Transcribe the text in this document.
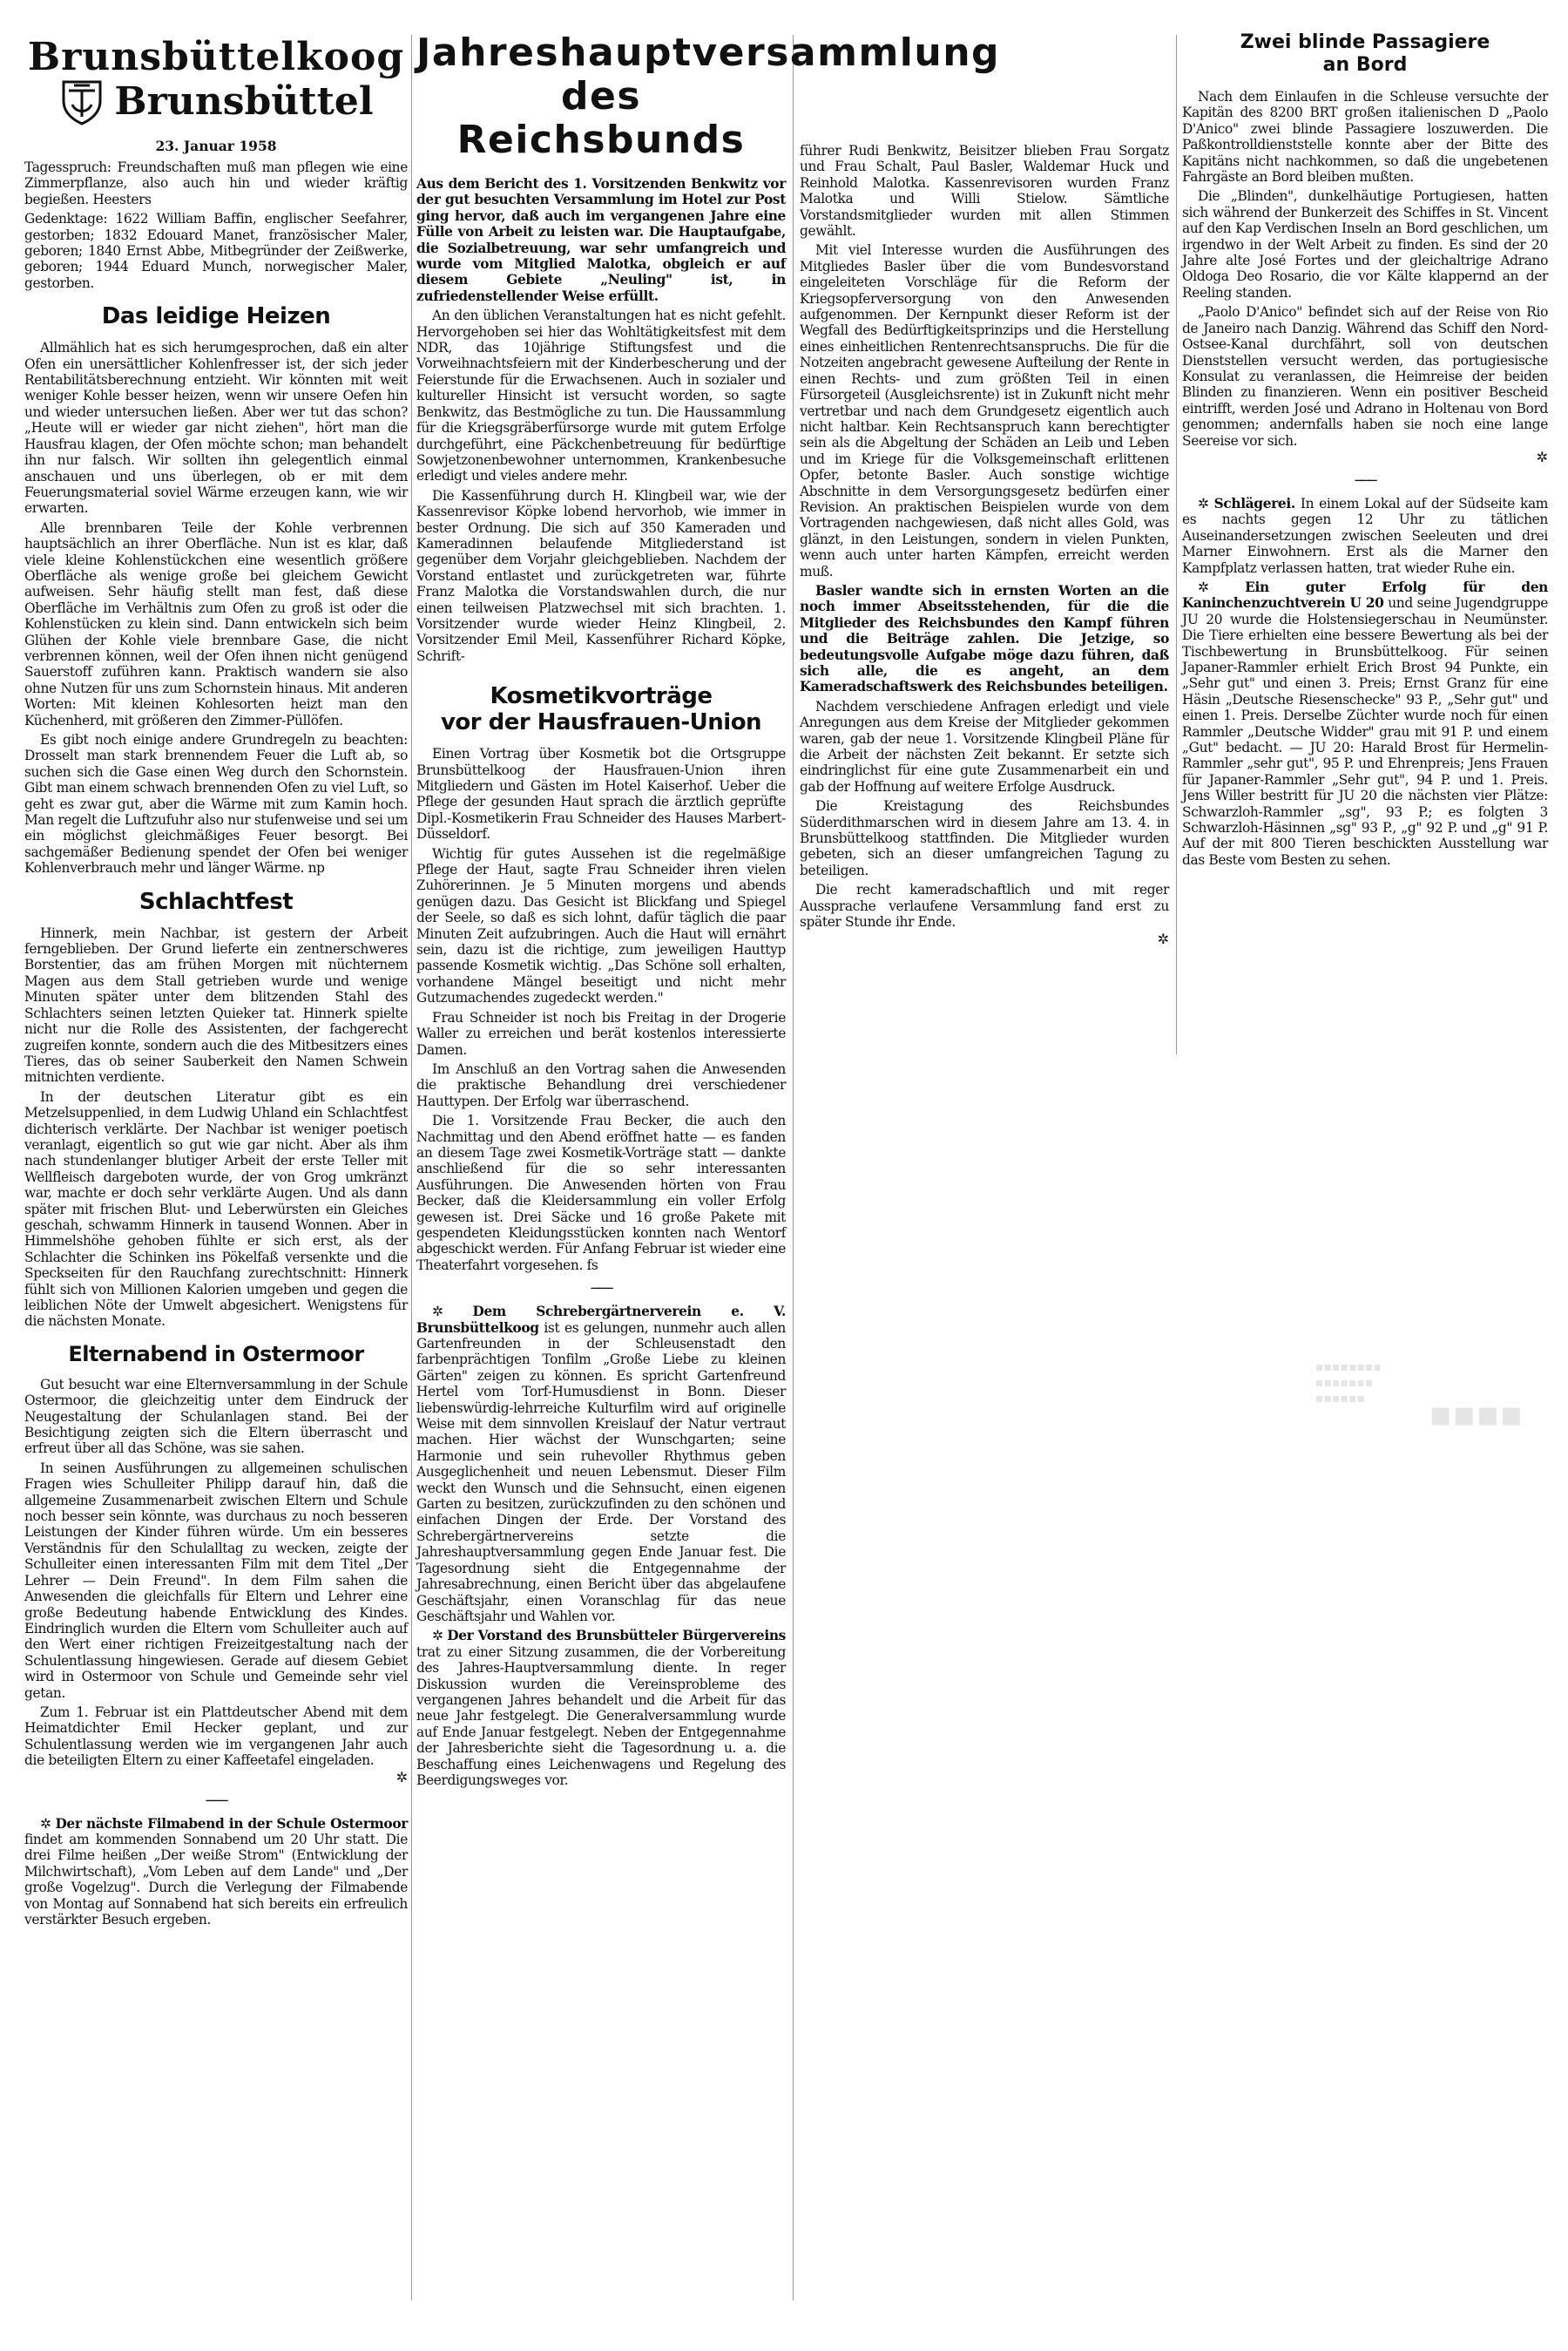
Brunsbüttelkoog
Brunsbüttel
23. Januar 1958

Tagesspruch: Freundschaften muß man pflegen wie eine Zimmerpflanze, also auch hin und wieder kräftig begießen. Heesters

Gedenktage: 1622 William Baffin, englischer Seefahrer, gestorben; 1832 Edouard Manet, französischer Maler, geboren; 1840 Ernst Abbe, Mitbegründer der Zeißwerke, geboren; 1944 Eduard Munch, norwegischer Maler, gestorben.

Das leidige Heizen

Allmählich hat es sich herumgesprochen, daß ein alter Ofen ein unersättlicher Kohlenfresser ist, der sich jeder Rentabilitätsberechnung entzieht. Wir könnten mit weit weniger Kohle besser heizen, wenn wir unsere Oefen hin und wieder untersuchen ließen. Aber wer tut das schon? „Heute will er wieder gar nicht ziehen", hört man die Hausfrau klagen, der Ofen möchte schon; man behandelt ihn nur falsch. Wir sollten ihn gelegentlich einmal anschauen und uns überlegen, ob er mit dem Feuerungsmaterial soviel Wärme erzeugen kann, wie wir erwarten.

Alle brennbaren Teile der Kohle verbrennen hauptsächlich an ihrer Oberfläche. Nun ist es klar, daß viele kleine Kohlenstückchen eine wesentlich größere Oberfläche als wenige große bei gleichem Gewicht aufweisen. Sehr häufig stellt man fest, daß diese Oberfläche im Verhältnis zum Ofen zu groß ist oder die Kohlenstücken zu klein sind. Dann entwickeln sich beim Glühen der Kohle viele brennbare Gase, die nicht verbrennen können, weil der Ofen ihnen nicht genügend Sauerstoff zuführen kann. Praktisch wandern sie also ohne Nutzen für uns zum Schornstein hinaus. Mit anderen Worten: Mit kleinen Kohlesorten heizt man den Küchenherd, mit größeren den Zimmer-Püllöfen.

Es gibt noch einige andere Grundregeln zu beachten: Drosselt man stark brennendem Feuer die Luft ab, so suchen sich die Gase einen Weg durch den Schornstein. Gibt man einem schwach brennenden Ofen zu viel Luft, so geht es zwar gut, aber die Wärme mit zum Kamin hoch. Man regelt die Luftzufuhr also nur stufenweise und sei um ein möglichst gleichmäßiges Feuer besorgt. Bei sachgemäßer Bedienung spendet der Ofen bei weniger Kohlenverbrauch mehr und länger Wärme. np

Schlachtfest

Hinnerk, mein Nachbar, ist gestern der Arbeit ferngeblieben. Der Grund lieferte ein zentnerschweres Borstentier, das am frühen Morgen mit nüchternem Magen aus dem Stall getrieben wurde und wenige Minuten später unter dem blitzenden Stahl des Schlachters seinen letzten Quieker tat. Hinnerk spielte nicht nur die Rolle des Assistenten, der fachgerecht zugreifen konnte, sondern auch die des Mitbesitzers eines Tieres, das ob seiner Sauberkeit den Namen Schwein mitnichten verdiente.

In der deutschen Literatur gibt es ein Metzelsuppenlied, in dem Ludwig Uhland ein Schlachtfest dichterisch verklärte. Der Nachbar ist weniger poetisch veranlagt, eigentlich so gut wie gar nicht. Aber als ihm nach stundenlanger blutiger Arbeit der erste Teller mit Wellfleisch dargeboten wurde, der von Grog umkränzt war, machte er doch sehr verklärte Augen. Und als dann später mit frischen Blut- und Leberwürsten ein Gleiches geschah, schwamm Hinnerk in tausend Wonnen. Aber in Himmelshöhe gehoben fühlte er sich erst, als der Schlachter die Schinken ins Pökelfaß versenkte und die Speckseiten für den Rauchfang zurechtschnitt: Hinnerk fühlt sich von Millionen Kalorien umgeben und gegen die leiblichen Nöte der Umwelt abgesichert. Wenigstens für die nächsten Monate.

Elternabend in Ostermoor

Gut besucht war eine Elternversammlung in der Schule Ostermoor, die gleichzeitig unter dem Eindruck der Neugestaltung der Schulanlagen stand. Bei der Besichtigung zeigten sich die Eltern überrascht und erfreut über all das Schöne, was sie sahen.

In seinen Ausführungen zu allgemeinen schulischen Fragen wies Schulleiter Philipp darauf hin, daß die allgemeine Zusammenarbeit zwischen Eltern und Schule noch besser sein könnte, was durchaus zu noch besseren Leistungen der Kinder führen würde. Um ein besseres Verständnis für den Schulalltag zu wecken, zeigte der Schulleiter einen interessanten Film mit dem Titel „Der Lehrer — Dein Freund". In dem Film sahen die Anwesenden die gleichfalls für Eltern und Lehrer eine große Bedeutung habende Entwicklung des Kindes. Eindringlich wurden die Eltern vom Schulleiter auch auf den Wert einer richtigen Freizeitgestaltung nach der Schulentlassung hingewiesen. Gerade auf diesem Gebiet wird in Ostermoor von Schule und Gemeinde sehr viel getan.

Zum 1. Februar ist ein Plattdeutscher Abend mit dem Heimatdichter Emil Hecker geplant, und zur Schulentlassung werden wie im vergangenen Jahr auch die beteiligten Eltern zu einer Kaffeetafel eingeladen.

✲
───

✲ Der nächste Filmabend in der Schule Ostermoor findet am kommenden Sonnabend um 20 Uhr statt. Die drei Filme heißen „Der weiße Strom" (Entwicklung der Milchwirtschaft), „Vom Leben auf dem Lande" und „Der große Vogelzug". Durch die Verlegung der Filmabende von Montag auf Sonnabend hat sich bereits ein erfreulich verstärkter Besuch ergeben.

Jahreshauptversammlung
des Reichsbunds

Aus dem Bericht des 1. Vorsitzenden Benkwitz vor der gut besuchten Versammlung im Hotel zur Post ging hervor, daß auch im vergangenen Jahre eine Fülle von Arbeit zu leisten war. Die Hauptaufgabe, die Sozialbetreuung, war sehr umfangreich und wurde vom Mitglied Malotka, obgleich er auf diesem Gebiete „Neuling" ist, in zufriedenstellender Weise erfüllt.

An den üblichen Veranstaltungen hat es nicht gefehlt. Hervorgehoben sei hier das Wohltätigkeitsfest mit dem NDR, das 10jährige Stiftungsfest und die Vorweihnachtsfeiern mit der Kinderbescherung und der Feierstunde für die Erwachsenen. Auch in sozialer und kultureller Hinsicht ist versucht worden, so sagte Benkwitz, das Bestmögliche zu tun. Die Haussammlung für die Kriegsgräberfürsorge wurde mit gutem Erfolge durchgeführt, eine Päckchenbetreuung für bedürftige Sowjetzonenbewohner unternommen, Krankenbesuche erledigt und vieles andere mehr.

Die Kassenführung durch H. Klingbeil war, wie der Kassenrevisor Köpke lobend hervorhob, wie immer in bester Ordnung. Die sich auf 350 Kameraden und Kameradinnen belaufende Mitgliederstand ist gegenüber dem Vorjahr gleichgeblieben. Nachdem der Vorstand entlastet und zurückgetreten war, führte Franz Malotka die Vorstandswahlen durch, die nur einen teilweisen Platzwechsel mit sich brachten. 1. Vorsitzender wurde wieder Heinz Klingbeil, 2. Vorsitzender Emil Meil, Kassenführer Richard Köpke, Schrift-

Kosmetikvorträge
vor der Hausfrauen-Union

Einen Vortrag über Kosmetik bot die Ortsgruppe Brunsbüttelkoog der Hausfrauen-Union ihren Mitgliedern und Gästen im Hotel Kaiserhof. Ueber die Pflege der gesunden Haut sprach die ärztlich geprüfte Dipl.-Kosmetikerin Frau Schneider des Hauses Marbert-Düsseldorf.

Wichtig für gutes Aussehen ist die regelmäßige Pflege der Haut, sagte Frau Schneider ihren vielen Zuhörerinnen. Je 5 Minuten morgens und abends genügen dazu. Das Gesicht ist Blickfang und Spiegel der Seele, so daß es sich lohnt, dafür täglich die paar Minuten Zeit aufzubringen. Auch die Haut will ernährt sein, dazu ist die richtige, zum jeweiligen Hauttyp passende Kosmetik wichtig. „Das Schöne soll erhalten, vorhandene Mängel beseitigt und nicht mehr Gutzumachendes zugedeckt werden."

Frau Schneider ist noch bis Freitag in der Drogerie Waller zu erreichen und berät kostenlos interessierte Damen.

Im Anschluß an den Vortrag sahen die Anwesenden die praktische Behandlung drei verschiedener Hauttypen. Der Erfolg war überraschend.

Die 1. Vorsitzende Frau Becker, die auch den Nachmittag und den Abend eröffnet hatte — es fanden an diesem Tage zwei Kosmetik-Vorträge statt — dankte anschließend für die so sehr interessanten Ausführungen. Die Anwesenden hörten von Frau Becker, daß die Kleidersammlung ein voller Erfolg gewesen ist. Drei Säcke und 16 große Pakete mit gespendeten Kleidungsstücken konnten nach Wentorf abgeschickt werden. Für Anfang Februar ist wieder eine Theaterfahrt vorgesehen. fs

───

✲ Dem Schrebergärtnerverein e. V. Brunsbüttelkoog ist es gelungen, nunmehr auch allen Gartenfreunden in der Schleusenstadt den farbenprächtigen Tonfilm „Große Liebe zu kleinen Gärten" zeigen zu können. Es spricht Gartenfreund Hertel vom Torf-Humusdienst in Bonn. Dieser liebenswürdig-lehrreiche Kulturfilm wird auf originelle Weise mit dem sinnvollen Kreislauf der Natur vertraut machen. Hier wächst der Wunschgarten; seine Harmonie und sein ruhevoller Rhythmus geben Ausgeglichenheit und neuen Lebensmut. Dieser Film weckt den Wunsch und die Sehnsucht, einen eigenen Garten zu besitzen, zurückzufinden zu den schönen und einfachen Dingen der Erde. Der Vorstand des Schrebergärtnervereins setzte die Jahreshauptversammlung gegen Ende Januar fest. Die Tagesordnung sieht die Entgegennahme der Jahresabrechnung, einen Bericht über das abgelaufene Geschäftsjahr, einen Voranschlag für das neue Geschäftsjahr und Wahlen vor.

✲ Der Vorstand des Brunsbütteler Bürgervereins trat zu einer Sitzung zusammen, die der Vorbereitung des Jahres-Hauptversammlung diente. In reger Diskussion wurden die Vereinsprobleme des vergangenen Jahres behandelt und die Arbeit für das neue Jahr festgelegt. Die Generalversammlung wurde auf Ende Januar festgelegt. Neben der Entgegennahme der Jahresberichte sieht die Tagesordnung u. a. die Beschaffung eines Leichenwagens und Regelung des Beerdigungsweges vor.

führer Rudi Benkwitz, Beisitzer blieben Frau Sorgatz und Frau Schalt, Paul Basler, Waldemar Huck und Reinhold Malotka. Kassenrevisoren wurden Franz Malotka und Willi Stielow. Sämtliche Vorstandsmitglieder wurden mit allen Stimmen gewählt.

Mit viel Interesse wurden die Ausführungen des Mitgliedes Basler über die vom Bundesvorstand eingeleiteten Vorschläge für die Reform der Kriegsopferversorgung von den Anwesenden aufgenommen. Der Kernpunkt dieser Reform ist der Wegfall des Bedürftigkeitsprinzips und die Herstellung eines einheitlichen Rentenrechtsanspruchs. Die für die Notzeiten angebracht gewesene Aufteilung der Rente in einen Rechts- und zum größten Teil in einen Fürsorgeteil (Ausgleichsrente) ist in Zukunft nicht mehr vertretbar und nach dem Grundgesetz eigentlich auch nicht haltbar. Kein Rechtsanspruch kann berechtigter sein als die Abgeltung der Schäden an Leib und Leben und im Kriege für die Volksgemeinschaft erlittenen Opfer, betonte Basler. Auch sonstige wichtige Abschnitte in dem Versorgungsgesetz bedürfen einer Revision. An praktischen Beispielen wurde von dem Vortragenden nachgewiesen, daß nicht alles Gold, was glänzt, in den Leistungen, sondern in vielen Punkten, wenn auch unter harten Kämpfen, erreicht werden muß.

Basler wandte sich in ernsten Worten an die noch immer Abseitsstehenden, für die die Mitglieder des Reichsbundes den Kampf führen und die Beiträge zahlen. Die Jetzige, so bedeutungsvolle Aufgabe möge dazu führen, daß sich alle, die es angeht, an dem Kameradschaftswerk des Reichsbundes beteiligen.

Nachdem verschiedene Anfragen erledigt und viele Anregungen aus dem Kreise der Mitglieder gekommen waren, gab der neue 1. Vorsitzende Klingbeil Pläne für die Arbeit der nächsten Zeit bekannt. Er setzte sich eindringlichst für eine gute Zusammenarbeit ein und gab der Hoffnung auf weitere Erfolge Ausdruck.

Die Kreistagung des Reichsbundes Süderdithmarschen wird in diesem Jahre am 13. 4. in Brunsbüttelkoog stattfinden. Die Mitglieder wurden gebeten, sich an dieser umfangreichen Tagung zu beteiligen.

Die recht kameradschaftlich und mit reger Aussprache verlaufene Versammlung fand erst zu später Stunde ihr Ende.

✲
Zwei blinde Passagiere
an Bord

Nach dem Einlaufen in die Schleuse versuchte der Kapitän des 8200 BRT großen italienischen D „Paolo D'Anico" zwei blinde Passagiere loszuwerden. Die Paßkontrolldienststelle konnte aber der Bitte des Kapitäns nicht nachkommen, so daß die ungebetenen Fahrgäste an Bord bleiben mußten.

Die „Blinden", dunkelhäutige Portugiesen, hatten sich während der Bunkerzeit des Schiffes in St. Vincent auf den Kap Verdischen Inseln an Bord geschlichen, um irgendwo in der Welt Arbeit zu finden. Es sind der 20 Jahre alte José Fortes und der gleichaltrige Adrano Oldoga Deo Rosario, die vor Kälte klappernd an der Reeling standen.

„Paolo D'Anico" befindet sich auf der Reise von Rio de Janeiro nach Danzig. Während das Schiff den Nord-Ostsee-Kanal durchfährt, soll von deutschen Dienststellen versucht werden, das portugiesische Konsulat zu veranlassen, die Heimreise der beiden Blinden zu finanzieren. Wenn ein positiver Bescheid eintrifft, werden José und Adrano in Holtenau von Bord genommen; andernfalls haben sie noch eine lange Seereise vor sich.

✲
───

✲ Schlägerei. In einem Lokal auf der Südseite kam es nachts gegen 12 Uhr zu tätlichen Auseinandersetzungen zwischen Seeleuten und drei Marner Einwohnern. Erst als die Marner den Kampfplatz verlassen hatten, trat wieder Ruhe ein.

✲ Ein guter Erfolg für den Kaninchenzuchtverein U 20 und seine Jugendgruppe JU 20 wurde die Holstensiegerschau in Neumünster. Die Tiere erhielten eine bessere Bewertung als bei der Tischbewertung in Brunsbüttelkoog. Für seinen Japaner-Rammler erhielt Erich Brost 94 Punkte, ein „Sehr gut" und einen 3. Preis; Ernst Granz für eine Häsin „Deutsche Riesenschecke" 93 P., „Sehr gut" und einen 1. Preis. Derselbe Züchter wurde noch für einen Rammler „Deutsche Widder" grau mit 91 P. und einem „Gut" bedacht. — JU 20: Harald Brost für Hermelin-Rammler „sehr gut", 95 P. und Ehrenpreis; Jens Frauen für Japaner-Rammler „Sehr gut", 94 P. und 1. Preis. Jens Willer bestritt für JU 20 die nächsten vier Plätze: Schwarzloh-Rammler „sg", 93 P.; es folgten 3 Schwarzloh-Häsinnen „sg" 93 P., „g" 92 P. und „g" 91 P. Auf der mit 800 Tieren beschickten Ausstellung war das Beste vom Besten zu sehen.

▪▪▪▪▪▪▪▪
▪▪▪▪▪▪▪
▪▪▪▪▪▪	▪▪▪▪
